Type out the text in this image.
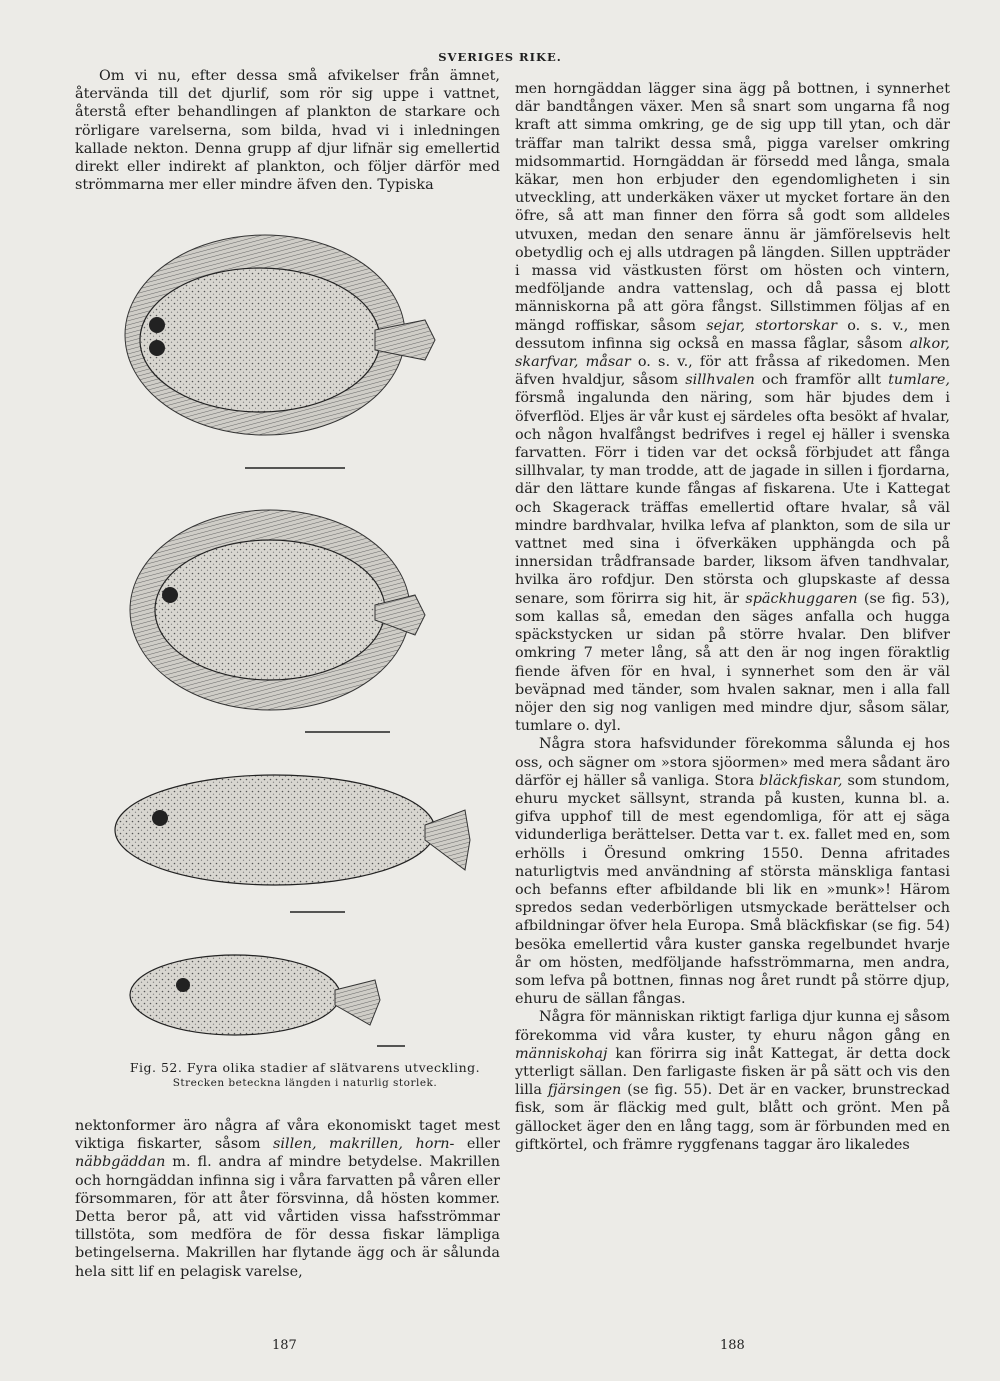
SVERIGES RIKE.

Om vi nu, efter dessa små afvikelser från ämnet, återvända till det djurlif, som rör sig uppe i vattnet, återstå efter behandlingen af plankton de starkare och rörligare varelserna, som bilda, hvad vi i inledningen kallade nekton. Denna grupp af djur lifnär sig emellertid direkt eller indirekt af plankton, och följer därför med strömmarna mer eller mindre äfven den. Typiska

Fig. 52. Fyra olika stadier af slätvarens utveckling.
Strecken beteckna längden i naturlig storlek.

nektonformer äro några af våra ekonomiskt taget mest viktiga fiskarter, såsom sillen, makrillen, horn- eller näbbgäddan m. fl. andra af mindre betydelse. Makrillen och horngäddan infinna sig i våra farvatten på våren eller försommaren, för att åter försvinna, då hösten kommer. Detta beror på, att vid vårtiden vissa hafsströmmar tillstöta, som medföra de för dessa fiskar lämpliga betingelserna. Makrillen har flytande ägg och är sålunda hela sitt lif en pelagisk varelse,

men horngäddan lägger sina ägg på bottnen, i synnerhet där bandtången växer. Men så snart som ungarna få nog kraft att simma omkring, ge de sig upp till ytan, och där träffar man talrikt dessa små, pigga varelser omkring midsommartid. Horngäddan är försedd med långa, smala käkar, men hon erbjuder den egendomligheten i sin utveckling, att underkäken växer ut mycket fortare än den öfre, så att man finner den förra så godt som alldeles utvuxen, medan den senare ännu är jämförelsevis helt obetydlig och ej alls utdragen på längden. Sillen uppträder i massa vid västkusten först om hösten och vintern, medföljande andra vattenslag, och då passa ej blott människorna på att göra fångst. Sillstimmen följas af en mängd roffiskar, såsom sejar, stortorskar o. s. v., men dessutom infinna sig också en massa fåglar, såsom alkor, skarfvar, måsar o. s. v., för att fråssa af rikedomen. Men äfven hvaldjur, såsom sillhvalen och framför allt tumlare, försmå ingalunda den näring, som här bjudes dem i öfverflöd. Eljes är vår kust ej särdeles ofta besökt af hvalar, och någon hvalfångst bedrifves i regel ej häller i svenska farvatten. Förr i tiden var det också förbjudet att fånga sillhvalar, ty man trodde, att de jagade in sillen i fjordarna, där den lättare kunde fångas af fiskarena. Ute i Kattegat och Skagerack träffas emellertid oftare hvalar, så väl mindre bardhvalar, hvilka lefva af plankton, som de sila ur vattnet med sina i öfverkäken upphängda och på innersidan trådfransade barder, liksom äfven tandhvalar, hvilka äro rofdjur. Den största och glupskaste af dessa senare, som förirra sig hit, är späckhuggaren (se fig. 53), som kallas så, emedan den säges anfalla och hugga späckstycken ur sidan på större hvalar. Den blifver omkring 7 meter lång, så att den är nog ingen föraktlig fiende äfven för en hval, i synnerhet som den är väl beväpnad med tänder, som hvalen saknar, men i alla fall nöjer den sig nog vanligen med mindre djur, såsom sälar, tumlare o. dyl.

Några stora hafsvidunder förekomma sålunda ej hos oss, och sägner om »stora sjöormen» med mera sådant äro därför ej häller så vanliga. Stora bläckfiskar, som stundom, ehuru mycket sällsynt, stranda på kusten, kunna bl. a. gifva upphof till de mest egendomliga, för att ej säga vidunderliga berättelser. Detta var t. ex. fallet med en, som erhölls i Öresund omkring 1550. Denna afritades naturligtvis med användning af största mänskliga fantasi och befanns efter afbildande bli lik en »munk»! Härom spredos sedan vederbörligen utsmyckade berättelser och afbildningar öfver hela Europa. Små bläckfiskar (se fig. 54) besöka emellertid våra kuster ganska regelbundet hvarje år om hösten, medföljande hafsströmmarna, men andra, som lefva på bottnen, finnas nog året rundt på större djup, ehuru de sällan fångas.

Några för människan riktigt farliga djur kunna ej såsom förekomma vid våra kuster, ty ehuru någon gång en människohaj kan förirra sig inåt Kattegat, är detta dock ytterligt sällan. Den farligaste fisken är på sätt och vis den lilla fjärsingen (se fig. 55). Det är en vacker, brunstreckad fisk, som är fläckig med gult, blått och grönt. Men på gällocket äger den en lång tagg, som är förbunden med en giftkörtel, och främre ryggfenans taggar äro likaledes

187	188
